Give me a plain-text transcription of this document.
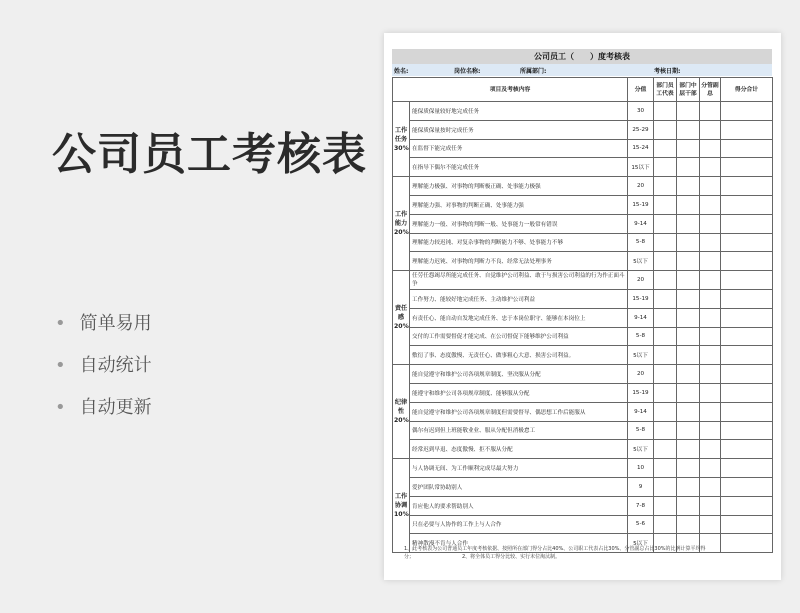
公司员工考核表
• 简单易用
• 自动统计
• 自动更新
公司员工（　　）度考核表
姓名:	岗位名称:	所属部门:	考核日期:
项目及考核内容		分值	部门员工代表	部门中层干部	分管副总	得分合计
工作任务30%	能保质保量较好地完成任务	30				
	能保质保量按时完成任务	25-29				
	在监督下能完成任务	15-24				
	在指导下偶尔不能完成任务	15以下				
工作能力20%	理解能力极强、对事物的判断极正确、处事能力极强	20				
	理解能力强、对事物的判断正确、处事能力强	15-19				
	理解能力一般、对事物的判断一般、处事能力一般常有错误	9-14				
	理解能力较迟钝、对复杂事物的判断能力不够、处事能力不够	5-8				
	理解能力迟钝、对事物的判断力不良、经常无法处理事务	5以下				
责任感20%	任劳任怨竭尽所能完成任务、自觉维护公司利益、敢于与损害公司利益的行为作正面斗争	20				
	工作努力、能较好地完成任务、主动维护公司利益	15-19				
	有责任心、能自动自发地完成任务、忠于本岗位职守、能够在本岗位上	9-14				
	交付的工作需要督促才能完成、在公司督促下能够维护公司利益	5-8				
	敷衍了事、态度傲慢、无责任心、做事粗心大意、损害公司利益。	5以下				
纪律性20%	能自觉遵守和维护公司各项规章制度、坚决服从分配	20				
	能遵守和维护公司各项规章制度、能够服从分配	15-19				
	能自觉遵守和维护公司各项规章制度但需要督导、偶思想工作后能服从	9-14				
	偶尔有迟到但上班能敬业业、服从分配但消极怠工	5-8				
	经常迟到早退、态度傲慢、拒不服从分配	5以下				
工作协调10%	与人协调无间、为工作顺利完成尽最大努力	10				
	爱护团队常协助别人	9				
	肯应他人的要求帮助别人	7-8				
	只在必要与人协作的工作上与人合作	5-6				
	精神散漫不肯与人合作	5以下				
1、此考核表为公司普通员工年度考核依据、按照所在部门得分占比40%、公司职工代表占比30%、分管副总占比30%的比例计算平均得
分；	2、将全体员工得分比较、实行末位淘汰制。
